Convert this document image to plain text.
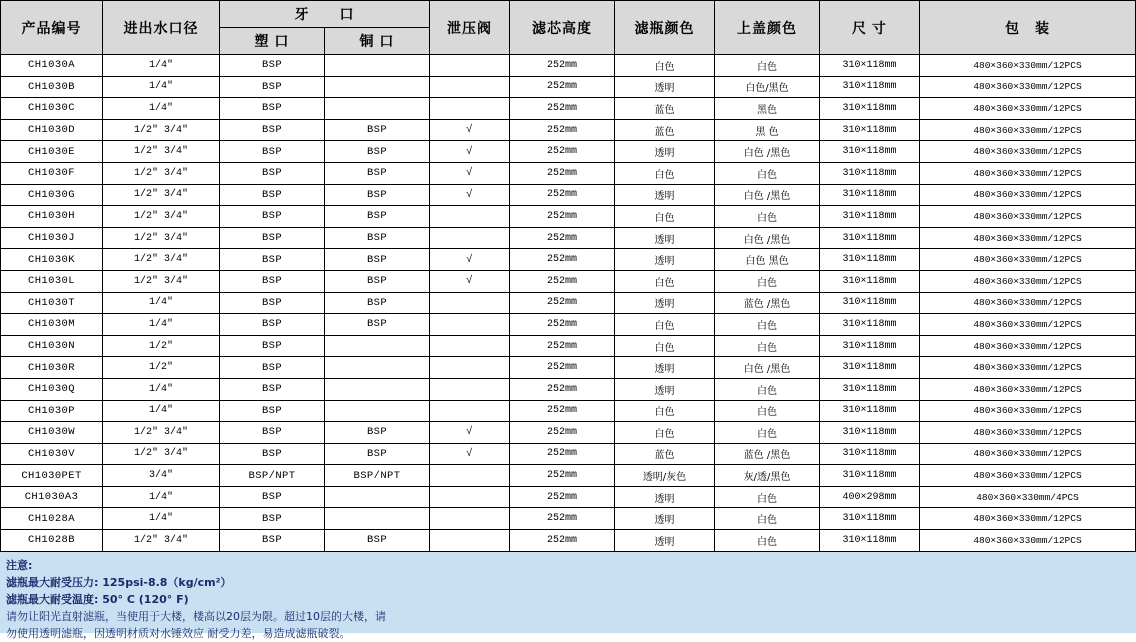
产品编号	进出水口径	牙　　口		泄压阀	滤芯高度	滤瓶颜色	上盖颜色	尺 寸	包　装
		塑 口	铜 口						
CH1030A	1/4″	BSP			252mm	白色	白色	310×118mm	480×360×330mm/12PCS
CH1030B	1/4″	BSP			252mm	透明	白色/黑色	310×118mm	480×360×330mm/12PCS
CH1030C	1/4″	BSP			252mm	蓝色	黑色	310×118mm	480×360×330mm/12PCS
CH1030D	1/2″ 3/4″	BSP	BSP	√	252mm	蓝色	黑 色	310×118mm	480×360×330mm/12PCS
CH1030E	1/2″ 3/4″	BSP	BSP	√	252mm	透明	白色 /黑色	310×118mm	480×360×330mm/12PCS
CH1030F	1/2″ 3/4″	BSP	BSP	√	252mm	白色	白色	310×118mm	480×360×330mm/12PCS
CH1030G	1/2″ 3/4″	BSP	BSP	√	252mm	透明	白色 /黑色	310×118mm	480×360×330mm/12PCS
CH1030H	1/2″ 3/4″	BSP	BSP		252mm	白色	白色	310×118mm	480×360×330mm/12PCS
CH1030J	1/2″ 3/4″	BSP	BSP		252mm	透明	白色 /黑色	310×118mm	480×360×330mm/12PCS
CH1030K	1/2″ 3/4″	BSP	BSP	√	252mm	透明	白色 黑色	310×118mm	480×360×330mm/12PCS
CH1030L	1/2″ 3/4″	BSP	BSP	√	252mm	白色	白色	310×118mm	480×360×330mm/12PCS
CH1030T	1/4″	BSP	BSP		252mm	透明	蓝色 /黑色	310×118mm	480×360×330mm/12PCS
CH1030M	1/4″	BSP	BSP		252mm	白色	白色	310×118mm	480×360×330mm/12PCS
CH1030N	1/2″	BSP			252mm	白色	白色	310×118mm	480×360×330mm/12PCS
CH1030R	1/2″	BSP			252mm	透明	白色 /黑色	310×118mm	480×360×330mm/12PCS
CH1030Q	1/4″	BSP			252mm	透明	白色	310×118mm	480×360×330mm/12PCS
CH1030P	1/4″	BSP			252mm	白色	白色	310×118mm	480×360×330mm/12PCS
CH1030W	1/2″ 3/4″	BSP	BSP	√	252mm	白色	白色	310×118mm	480×360×330mm/12PCS
CH1030V	1/2″ 3/4″	BSP	BSP	√	252mm	蓝色	蓝色 /黑色	310×118mm	480×360×330mm/12PCS
CH1030PET	3/4″	BSP/NPT	BSP/NPT		252mm	透明/灰色	灰/透/黑色	310×118mm	480×360×330mm/12PCS
CH1030A3	1/4″	BSP			252mm	透明	白色	400×298mm	480×360×330mm/4PCS
CH1028A	1/4″	BSP			252mm	透明	白色	310×118mm	480×360×330mm/12PCS
CH1028B	1/2″ 3/4″	BSP	BSP		252mm	透明	白色	310×118mm	480×360×330mm/12PCS
注意:
滤瓶最大耐受压力: 125psi-8.8（kg/cm²）
滤瓶最大耐受温度: 50° C (120° F)
请勿让阳光直射滤瓶，当使用于大楼，楼高以20层为限。超过10层的大楼，请
勿使用透明滤瓶，因透明材质对水锤效应 耐受力差，易造成滤瓶破裂。
